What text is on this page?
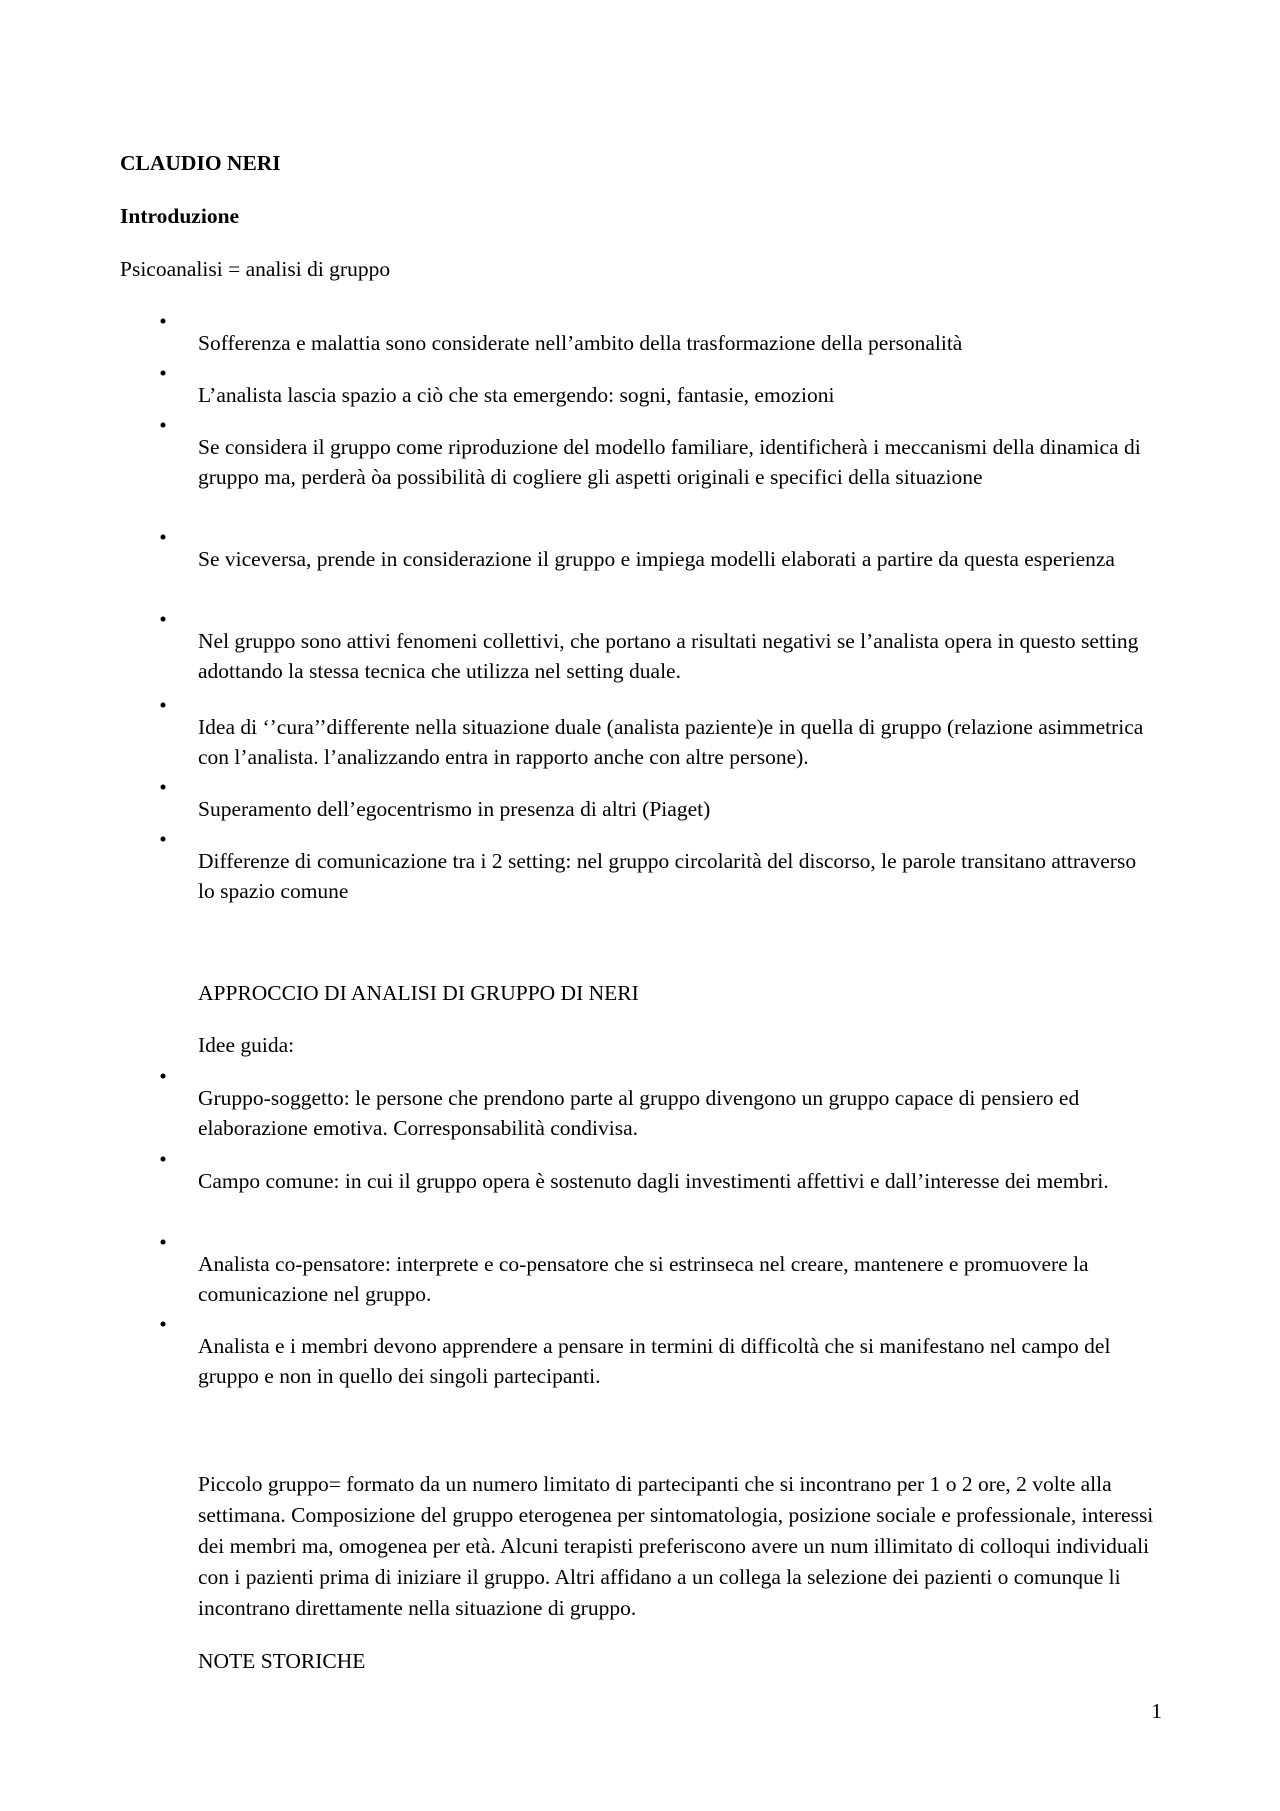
CLAUDIO NERI

Introduzione

Psicoanalisi = analisi di gruppo

•

Sofferenza e malattia sono considerate nell’ambito della trasformazione della personalità

•

L’analista lascia spazio a ciò che sta emergendo: sogni, fantasie, emozioni

•

Se considera il gruppo come riproduzione del modello familiare, identificherà i meccanismi della dinamica di gruppo ma, perderà òa possibilità di cogliere gli aspetti originali e specifici della situazione

•

Se viceversa, prende in considerazione il gruppo e impiega modelli elaborati a partire da questa esperienza

•

Nel gruppo sono attivi fenomeni collettivi, che portano a risultati negativi se l’analista opera in questo setting adottando la stessa tecnica che utilizza nel setting duale.

•

Idea di ‘’cura’’differente nella situazione duale (analista paziente)e in quella di gruppo (relazione asimmetrica con l’analista. l’analizzando entra in rapporto anche con altre persone).

•

Superamento dell’egocentrismo in presenza di altri (Piaget)

•

Differenze di comunicazione tra i 2 setting: nel gruppo circolarità del discorso, le parole transitano attraverso lo spazio comune

APPROCCIO DI ANALISI DI GRUPPO DI NERI

Idee guida:

•

Gruppo-soggetto: le persone che prendono parte al gruppo divengono un gruppo capace di pensiero ed elaborazione emotiva. Corresponsabilità condivisa.

•

Campo comune: in cui il gruppo opera è sostenuto dagli investimenti affettivi e dall’interesse dei membri.

•

Analista co-pensatore: interprete e co-pensatore che si estrinseca nel creare, mantenere e promuovere la comunicazione nel gruppo.

•

Analista e i membri devono apprendere a pensare in termini di difficoltà che si manifestano nel campo del gruppo e non in quello dei singoli partecipanti.

Piccolo gruppo= formato da un numero limitato di partecipanti che si incontrano per 1 o 2 ore, 2 volte alla settimana. Composizione del gruppo eterogenea per sintomatologia, posizione sociale e professionale, interessi dei membri ma, omogenea per età. Alcuni terapisti preferiscono avere un num illimitato di colloqui individuali con i pazienti prima di iniziare il gruppo. Altri affidano a un collega la selezione dei pazienti o comunque li incontrano direttamente nella situazione di gruppo.

NOTE STORICHE

1
